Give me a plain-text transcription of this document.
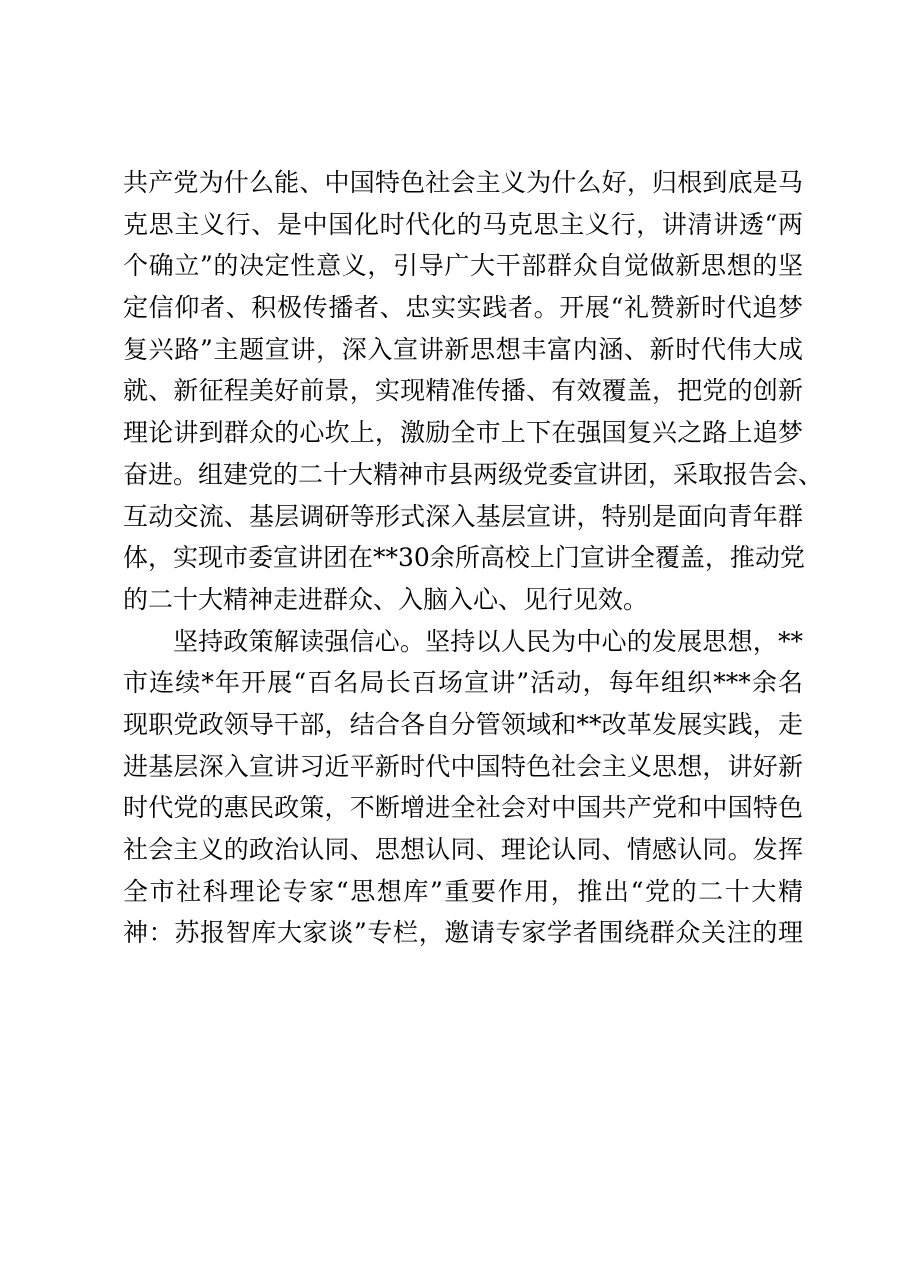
共产党为什么能、中国特色社会主义为什么好，归根到底是马
克思主义行、是中国化时代化的马克思主义行，讲清讲透“两
个确立”的决定性意义，引导广大干部群众自觉做新思想的坚
定信仰者、积极传播者、忠实实践者。开展“礼赞新时代追梦
复兴路”主题宣讲，深入宣讲新思想丰富内涵、新时代伟大成
就、新征程美好前景，实现精准传播、有效覆盖，把党的创新
理论讲到群众的心坎上，激励全市上下在强国复兴之路上追梦
奋进。组建党的二十大精神市县两级党委宣讲团，采取报告会、
互动交流、基层调研等形式深入基层宣讲，特别是面向青年群
体，实现市委宣讲团在**30余所高校上门宣讲全覆盖，推动党
的二十大精神走进群众、入脑入心、见行见效。
坚持政策解读强信心。坚持以人民为中心的发展思想，**
市连续*年开展“百名局长百场宣讲”活动，每年组织***余名
现职党政领导干部，结合各自分管领域和**改革发展实践，走
进基层深入宣讲习近平新时代中国特色社会主义思想，讲好新
时代党的惠民政策，不断增进全社会对中国共产党和中国特色
社会主义的政治认同、思想认同、理论认同、情感认同。发挥
全市社科理论专家“思想库”重要作用，推出“党的二十大精
神：苏报智库大家谈”专栏，邀请专家学者围绕群众关注的理
